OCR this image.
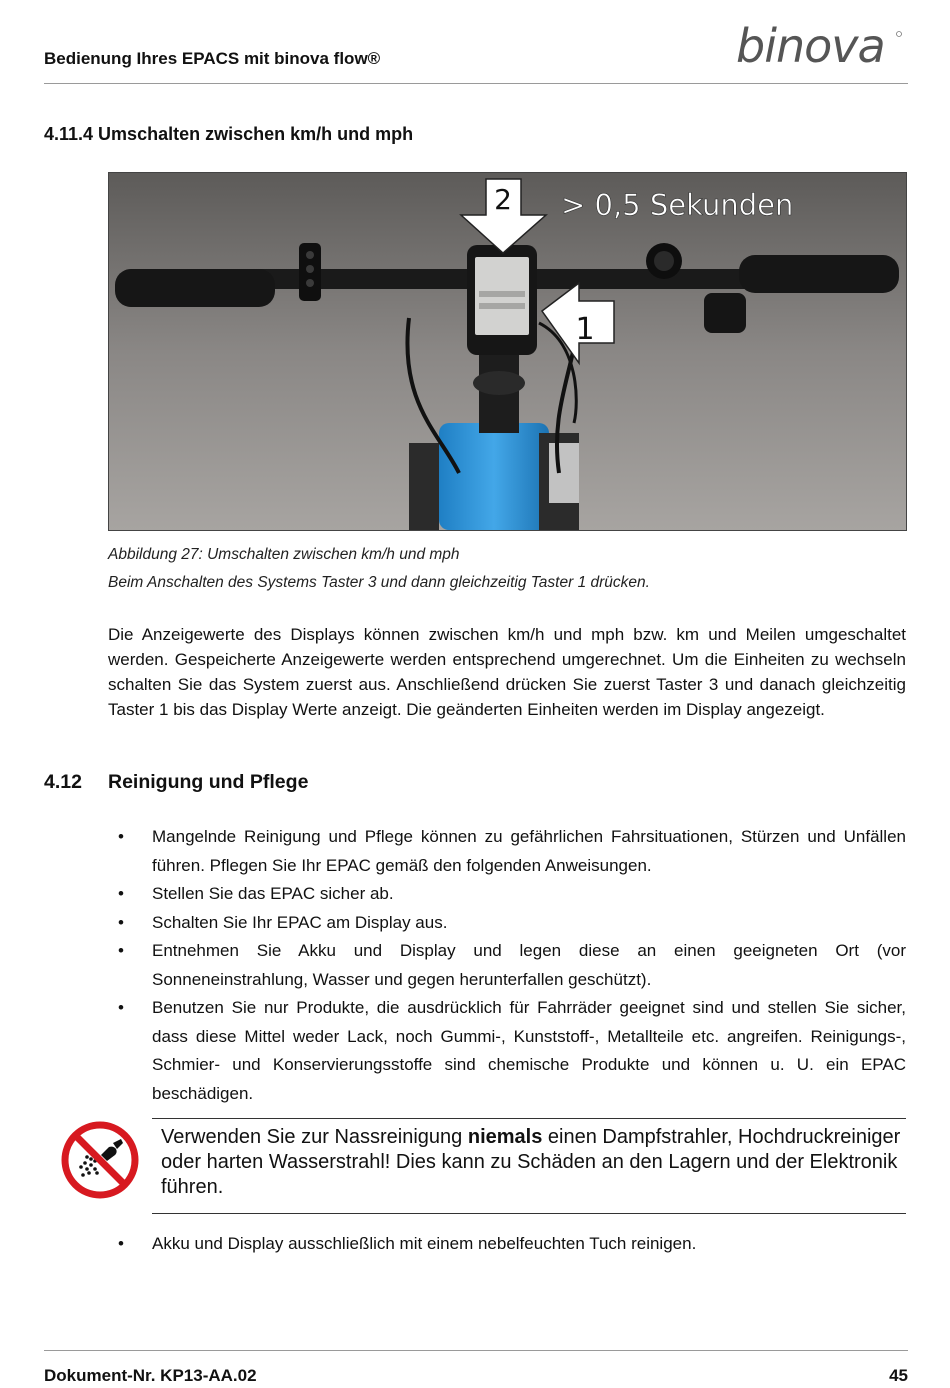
Bedienung Ihres EPACS mit binova flow®	binova
4.11.4 Umschalten zwischen km/h und mph
2
1
> 0,5 Sekunden
Abbildung 27: Umschalten zwischen km/h und mph
Beim Anschalten des Systems Taster 3 und dann gleichzeitig Taster 1 drücken.
Die Anzeigewerte des Displays können zwischen km/h und mph bzw. km und Meilen umgeschaltet werden. Gespeicherte Anzeigewerte werden entsprechend umgerechnet. Um die Einheiten zu wechseln schalten Sie das System zuerst aus. Anschließend drücken Sie zuerst Taster 3 und danach gleichzeitig Taster 1 bis das Display Werte anzeigt. Die geänderten Einheiten werden im Display angezeigt.
4.12 Reinigung und Pflege
• Mangelnde Reinigung und Pflege können zu gefährlichen Fahrsituationen, Stürzen und Unfällen führen. Pflegen Sie Ihr EPAC gemäß den folgenden Anweisungen.
• Stellen Sie das EPAC sicher ab.
• Schalten Sie Ihr EPAC am Display aus.
• Entnehmen Sie Akku und Display und legen diese an einen geeigneten Ort (vor Sonneneinstrahlung, Wasser und gegen herunterfallen geschützt).
• Benutzen Sie nur Produkte, die ausdrücklich für Fahrräder geeignet sind und stellen Sie sicher, dass diese Mittel weder Lack, noch Gummi-, Kunststoff-, Metallteile etc. angreifen. Reinigungs-, Schmier- und Konservierungsstoffe sind chemische Produkte und können u. U. ein EPAC beschädigen.
Verwenden Sie zur Nassreinigung niemals einen Dampfstrahler, Hochdruckreiniger oder harten Wasserstrahl! Dies kann zu Schäden an den Lagern und der Elektronik führen.
• Akku und Display ausschließlich mit einem nebelfeuchten Tuch reinigen.
Dokument-Nr. KP13-AA.02	45
